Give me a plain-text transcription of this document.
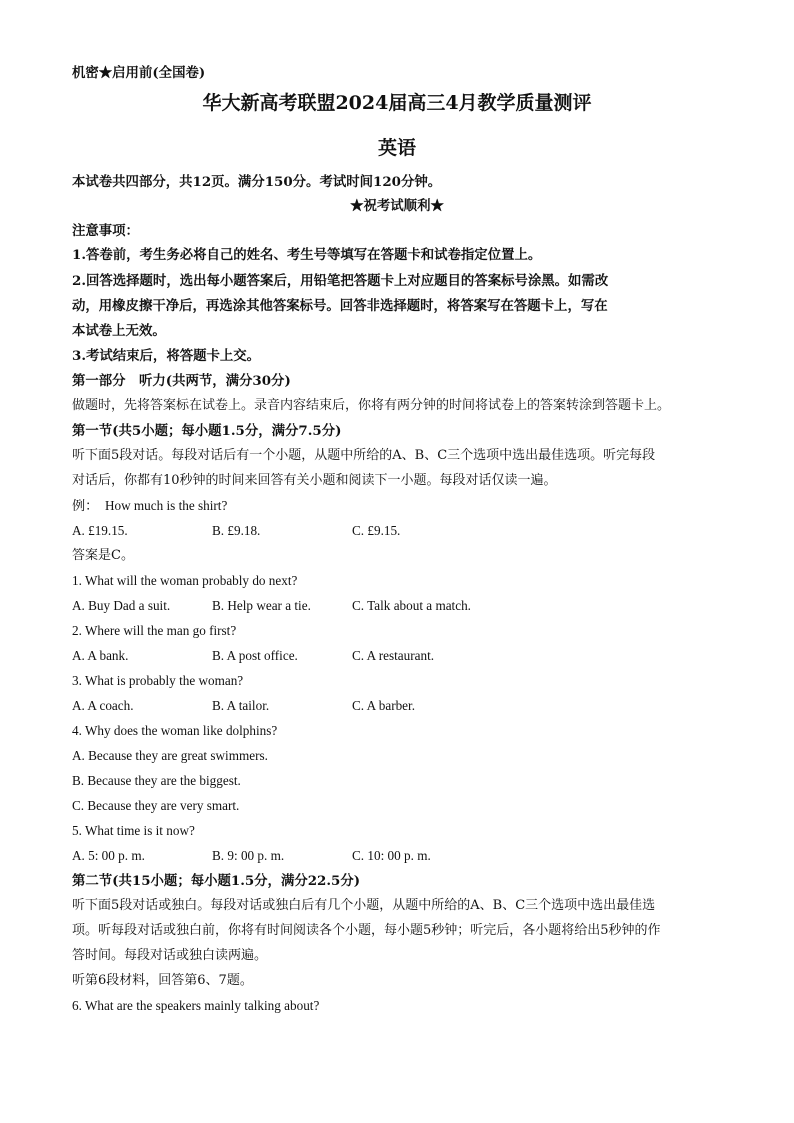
机密★启用前(全国卷)
华大新高考联盟2024届高三4月教学质量测评
英语
本试卷共四部分，共12页。满分150分。考试时间120分钟。
★祝考试顺利★
注意事项：
1.答卷前，考生务必将自己的姓名、考生号等填写在答题卡和试卷指定位置上。
2.回答选择题时，选出每小题答案后，用铅笔把答题卡上对应题目的答案标号涂黑。如需改
动，用橡皮擦干净后，再选涂其他答案标号。回答非选择题时，将答案写在答题卡上，写在
本试卷上无效。
3.考试结束后，将答题卡上交。
第一部分　听力(共两节，满分30分)
做题时，先将答案标在试卷上。录音内容结束后，你将有两分钟的时间将试卷上的答案转涂到答题卡上。
第一节(共5小题；每小题1.5分，满分7.5分)
听下面5段对话。每段对话后有一个小题，从题中所给的A、B、C三个选项中选出最佳选项。听完每段
对话后，你都有10秒钟的时间来回答有关小题和阅读下一小题。每段对话仅读一遍。
例：　How much is the shirt?
A. £19.15.	B. £9.18.	C. £9.15.
答案是C。
1. What will the woman probably do next?
A. Buy Dad a suit.	B. Help wear a tie.	C. Talk about a match.
2. Where will the man go first?
A. A bank.	B. A post office.	C. A restaurant.
3. What is probably the woman?
A. A coach.	B. A tailor.	C. A barber.
4. Why does the woman like dolphins?
A. Because they are great swimmers.
B. Because they are the biggest.
C. Because they are very smart.
5. What time is it now?
A. 5: 00 p. m.	B. 9: 00 p. m.	C. 10: 00 p. m.
第二节(共15小题；每小题1.5分，满分22.5分)
听下面5段对话或独白。每段对话或独白后有几个小题，从题中所给的A、B、C三个选项中选出最佳选
项。听每段对话或独白前，你将有时间阅读各个小题，每小题5秒钟；听完后，各小题将给出5秒钟的作
答时间。每段对话或独白读两遍。
听第6段材料，回答第6、7题。
6. What are the speakers mainly talking about?
